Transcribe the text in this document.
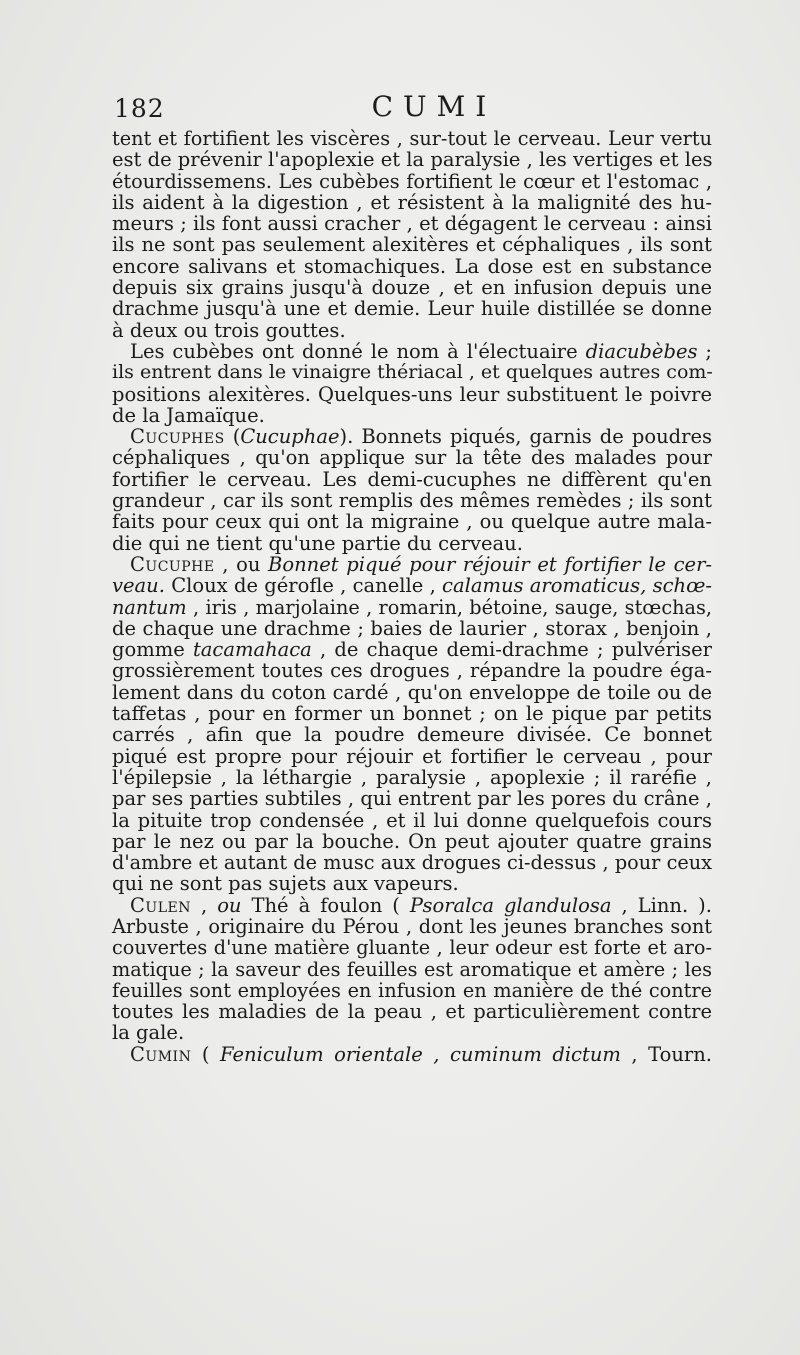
182	CUMI
tent et fortifient les viscères , sur-tout le cerveau. Leur vertu
est de prévenir l'apoplexie et la paralysie , les vertiges et les
étourdissemens. Les cubèbes fortifient le cœur et l'estomac ,
ils aident à la digestion , et résistent à la malignité des hu-
meurs ; ils font aussi cracher , et dégagent le cerveau : ainsi
ils ne sont pas seulement alexitères et céphaliques , ils sont
encore salivans et stomachiques. La dose est en substance
depuis six grains jusqu'à douze , et en infusion depuis une
drachme jusqu'à une et demie. Leur huile distillée se donne
à deux ou trois gouttes.
Les cubèbes ont donné le nom à l'électuaire diacubèbes ;
ils entrent dans le vinaigre thériacal , et quelques autres com-
positions alexitères. Quelques-uns leur substituent le poivre
de la Jamaïque.
Cucuphes (Cucuphae). Bonnets piqués, garnis de poudres
céphaliques , qu'on applique sur la tête des malades pour
fortifier le cerveau. Les demi-cucuphes ne diffèrent qu'en
grandeur , car ils sont remplis des mêmes remèdes ; ils sont
faits pour ceux qui ont la migraine , ou quelque autre mala-
die qui ne tient qu'une partie du cerveau.
Cucuphe , ou Bonnet piqué pour réjouir et fortifier le cer-
veau. Cloux de gérofle , canelle , calamus aromaticus, schœ-
nantum , iris , marjolaine , romarin, bétoine, sauge, stœchas,
de chaque une drachme ; baies de laurier , storax , benjoin ,
gomme tacamahaca , de chaque demi-drachme ; pulvériser
grossièrement toutes ces drogues , répandre la poudre éga-
lement dans du coton cardé , qu'on enveloppe de toile ou de
taffetas , pour en former un bonnet ; on le pique par petits
carrés , afin que la poudre demeure divisée. Ce bonnet
piqué est propre pour réjouir et fortifier le cerveau , pour
l'épilepsie , la léthargie , paralysie , apoplexie ; il raréfie ,
par ses parties subtiles , qui entrent par les pores du crâne ,
la pituite trop condensée , et il lui donne quelquefois cours
par le nez ou par la bouche. On peut ajouter quatre grains
d'ambre et autant de musc aux drogues ci-dessus , pour ceux
qui ne sont pas sujets aux vapeurs.
Culen , ou Thé à foulon ( Psoralca glandulosa , Linn. ).
Arbuste , originaire du Pérou , dont les jeunes branches sont
couvertes d'une matière gluante , leur odeur est forte et aro-
matique ; la saveur des feuilles est aromatique et amère ; les
feuilles sont employées en infusion en manière de thé contre
toutes les maladies de la peau , et particulièrement contre
la gale.
Cumin ( Feniculum orientale , cuminum dictum , Tourn.
